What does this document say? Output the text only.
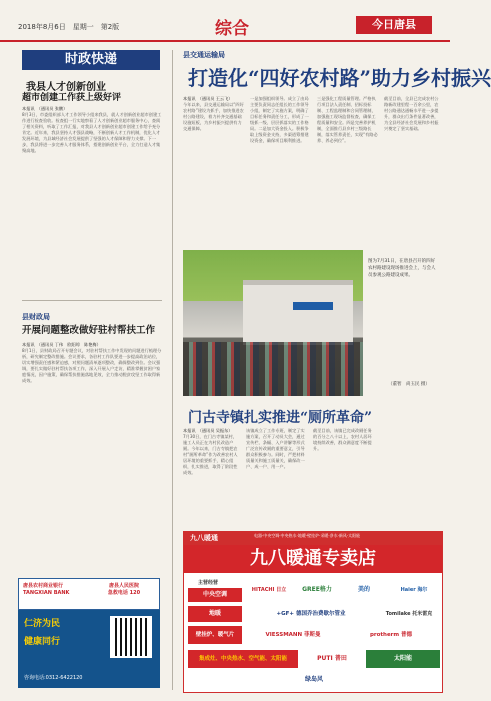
2018年8月6日　星期一　第2版	综合	今日唐县
时政快递
我县人才创新创业
超市创建工作获上级好评
本报讯　（通讯员 张鹏）
8月3日，市委组织部人才工作领导小组来我县，就人才创新创业超市创建工作进行检查验收。检查组一行实地察看了人才创新创业超市服务中心，查阅了相关资料，听取了工作汇报，对我县人才创新创业超市创建工作给予充分肯定。近年来，我县坚持人才强县战略，不断创新人才工作机制，优化人才发展环境，为县域经济社会发展提供了坚强的人才保障和智力支撑。下一步，我县将进一步完善人才服务体系，搭建创新创业平台，全力打造人才集聚高地。
县财政局
开展问题整改做好驻村帮扶工作
本报讯　（通讯员 丁伟　欧阳琼　陈艳梅）
8月1日，县财政局召开专题会议，对驻村帮扶工作中发现的问题进行梳理分析，研究制定整改措施。会议要求，各驻村工作队要进一步提高政治站位，切实增强责任感和紧迫感，对照问题清单逐项整改，确保整改到位。会议强调，要扎实做好驻村帮扶各项工作，深入开展入户走访，精准掌握贫困户家庭情况，因户施策，确保帮扶措施落地见效，全力推动脱贫攻坚工作取得新成效。
唐县农村商业银行
TANGXIAN BANK
唐县人民医院
急救电话 120
仁济为民
健康同行
咨询电话:0312-6422120
县交通运输局
打造化“四好农村路”助力乡村振兴
本报讯　（通讯员 王云飞）
今年以来，县交通运输局以“四好农村路”建设为抓手，加快推进农村公路建设，着力补齐交通基础设施短板，为乡村振兴提供有力交通保障。
一是加强组织领导。成立了由局主要负责同志任组长的工作领导小组，制定了实施方案，明确了目标任务和责任分工，形成了一级抓一级、层层抓落实的工作格局。二是加大资金投入。积极争取上级资金支持，多渠道筹措建设资金，确保项目顺利推进。
三是强化工程质量管理。严格执行项目法人责任制、招标投标制、工程监理制和合同管理制，加强施工现场监督检查，确保工程质量和安全。四是完善养护机制，全面推行县乡村三级路长制，落实管养责任，实现“有路必养、养必到位”。
截至目前，全县已完成农村公路新改建里程一百余公里，农村公路通达通畅水平进一步提升，群众出行条件显著改善，为全县经济社会发展和乡村振兴奠定了坚实基础。
图为7月31日，在唐县召开的四好农村路建设现场推进会上，与会人员参观公路建设成果。
（董智　尚玉民 摄）
门古寺镇扎实推进“厕所革命”
本报讯　（通讯员 吴振东）
7月30日，在门古寺镇某村，施工人员正在为村民改造户厕。今年以来，门古寺镇把农村“厕所革命”作为改善农村人居环境的重要抓手，精心组织，扎实推进，取得了阶段性成效。
该镇成立了工作专班，制定了实施方案，召开了动员大会，通过宣传栏、条幅、入户讲解等形式广泛宣传改厕的重要意义，引导群众积极参与。同时，严把材料质量关和施工质量关，确保改一户、成一户、用一户。
截至目前，该镇已完成改厕任务的百分之八十以上，农村人居环境持续改善，群众满意度不断提升。
九八暖通	电器·中央空调·中央热水·地暖·壁挂炉·采暖·净水·新风·太阳能
九八暖通专卖店
主营经营
中央空调
HITACHI 日立	GREE格力	美的	Haier 海尔
地暖	+GF+ 德国乔治费歇尔管业	Tomilake 托米雷克
壁挂炉、暖气片	VIESSMANN 菲斯曼	protherm 普德
集成灶、中央热水、空气能、太阳能	PUTI 普田	太阳能
绿岛风
